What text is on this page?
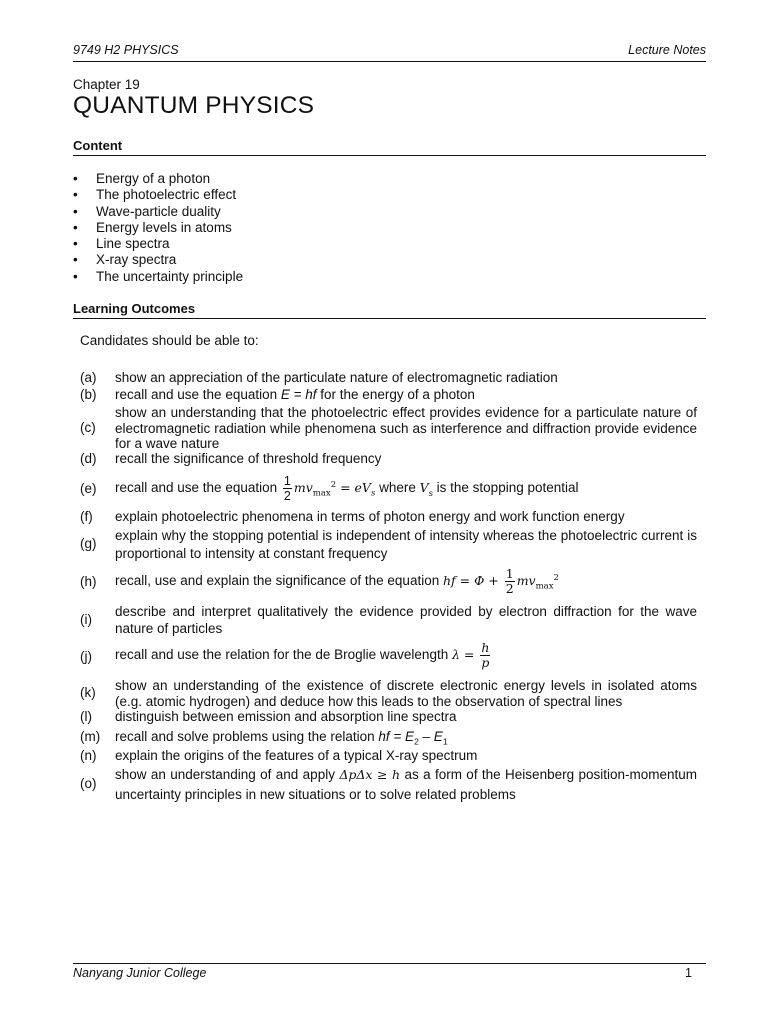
9749 H2 PHYSICS	Lecture Notes
Chapter 19
QUANTUM PHYSICS
Content
• Energy of a photon
• The photoelectric effect
• Wave-particle duality
• Energy levels in atoms
• Line spectra
• X-ray spectra
• The uncertainty principle
Learning Outcomes
Candidates should be able to:
(a) show an appreciation of the particulate nature of electromagnetic radiation
(b) recall and use the equation E = hf for the energy of a photon
(c)
show an understanding that the photoelectric effect provides evidence for a particulate nature of electromagnetic radiation while phenomena such as interference and diffraction provide evidence for a wave nature
(d) recall the significance of threshold frequency
(e) recall and use the equation $\frac{1}{2} mv_{max}^2 = eV_s$ where $V_s$ is the stopping potential
(f) explain photoelectric phenomena in terms of photon energy and work function energy
(g)
explain why the stopping potential is independent of intensity whereas the photoelectric current is proportional to intensity at constant frequency
(h) recall, use and explain the significance of the equation hf = $\Phi + \frac{1}{2} mv_{max}^2$
(i)
describe and interpret qualitatively the evidence provided by electron diffraction for the wave nature of particles
(j) recall and use the relation for the de Broglie wavelength $\lambda = \frac{h}{p}$
(k) show an understanding of the existence of discrete electronic energy levels in isolated atoms (e.g. atomic hydrogen) and deduce how this leads to the observation of spectral lines
(l) distinguish between emission and absorption line spectra
(m) recall and solve problems using the relation hf = $E_2 - E_1$
(n) explain the origins of the features of a typical X-ray spectrum
(o)
show an understanding of and apply ΔpΔx ≥ h as a form of the Heisenberg position-momentum uncertainty principles in new situations or to solve related problems
Nanyang Junior College	1
